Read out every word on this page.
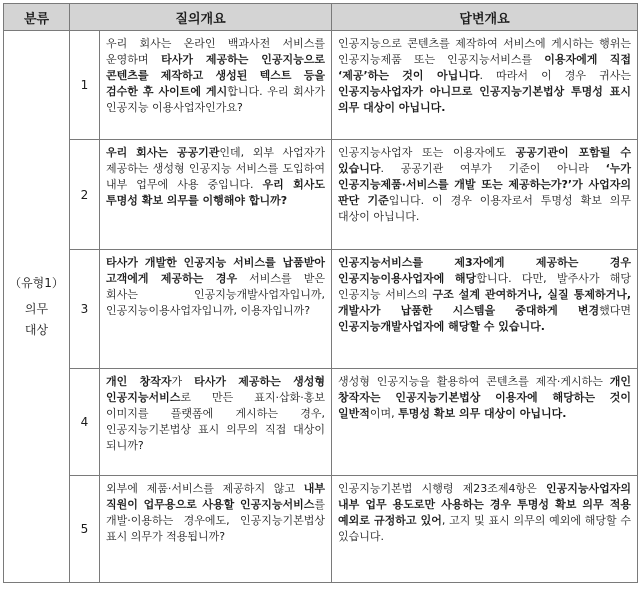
분류	질의개요		답변개요

（유형1）
의무
대상	1	우리 회사는 온라인 백과사전 서비스를 운영하며 타사가 제공하는 인공지능으로 콘텐츠를 제작하고 생성된 텍스트 등을 검수한 후 사이트에 게시합니다. 우리 회사가 인공지능 이용사업자인가요?	인공지능으로 콘텐츠를 제작하여 서비스에 게시하는 행위는 인공지능제품 또는 인공지능서비스를 이용자에게 직접 ‘제공’하는 것이 아닙니다. 따라서 이 경우 귀사는 인공지능사업자가 아니므로 인공지능기본법상 투명성 표시 의무 대상이 아닙니다.
	2	우리 회사는 공공기관인데, 외부 사업자가 제공하는 생성형 인공지능 서비스를 도입하여 내부 업무에 사용 중입니다. 우리 회사도 투명성 확보 의무를 이행해야 합니까?	인공지능사업자 또는 이용자에도 공공기관이 포함될 수 있습니다. 공공기관 여부가 기준이 아니라 ‘누가 인공지능제품·서비스를 개발 또는 제공하는가?’가 사업자의 판단 기준입니다. 이 경우 이용자로서 투명성 확보 의무 대상이 아닙니다.
	3	타사가 개발한 인공지능 서비스를 납품받아 고객에게 제공하는 경우 서비스를 받은 회사는 인공지능개발사업자입니까, 인공지능이용사업자입니까, 이용자입니까?	인공지능서비스를 제3자에게 제공하는 경우 인공지능이용사업자에 해당합니다. 다만, 발주사가 해당 인공지능 서비스의 구조 설계 관여하거나, 실질 통제하거나, 개발사가 납품한 시스템을 중대하게 변경했다면 인공지능개발사업자에 해당할 수 있습니다.
	4	개인 창작자가 타사가 제공하는 생성형 인공지능서비스로 만든 표지·삽화·홍보 이미지를 플랫폼에 게시하는 경우, 인공지능기본법상 표시 의무의 직접 대상이 되니까?	생성형 인공지능을 활용하여 콘텐츠를 제작·게시하는 개인 창작자는 인공지능기본법상 이용자에 해당하는 것이 일반적이며, 투명성 확보 의무 대상이 아닙니다.
	5	외부에 제품·서비스를 제공하지 않고 내부 직원이 업무용으로 사용할 인공지능서비스를 개발·이용하는 경우에도, 인공지능기본법상 표시 의무가 적용됩니까?	인공지능기본법 시행령 제23조제4항은 인공지능사업자의 내부 업무 용도로만 사용하는 경우 투명성 확보 의무 적용 예외로 규정하고 있어, 고지 및 표시 의무의 예외에 해당할 수 있습니다.
